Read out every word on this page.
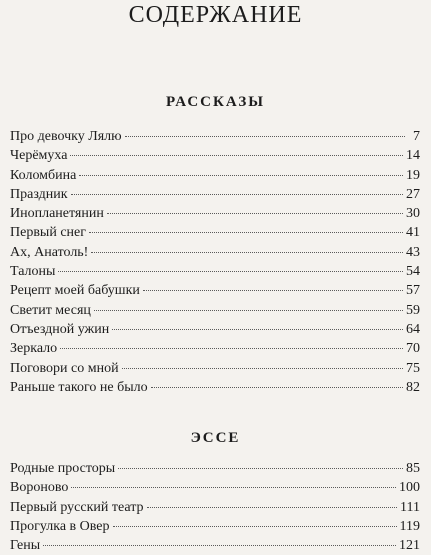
СОДЕРЖАНИЕ
РАССКАЗЫ
Про девочку Лялю	7
Черёмуха	14
Коломбина	19
Праздник	27
Инопланетянин	30
Первый снег	41
Ах, Анатоль!	43
Талоны	54
Рецепт моей бабушки	57
Светит месяц	59
Отъездной ужин	64
Зеркало	70
Поговори со мной	75
Раньше такого не было	82
ЭССЕ
Родные просторы	85
Вороново	100
Первый русский театр	111
Прогулка в Овер	119
Гены	121
